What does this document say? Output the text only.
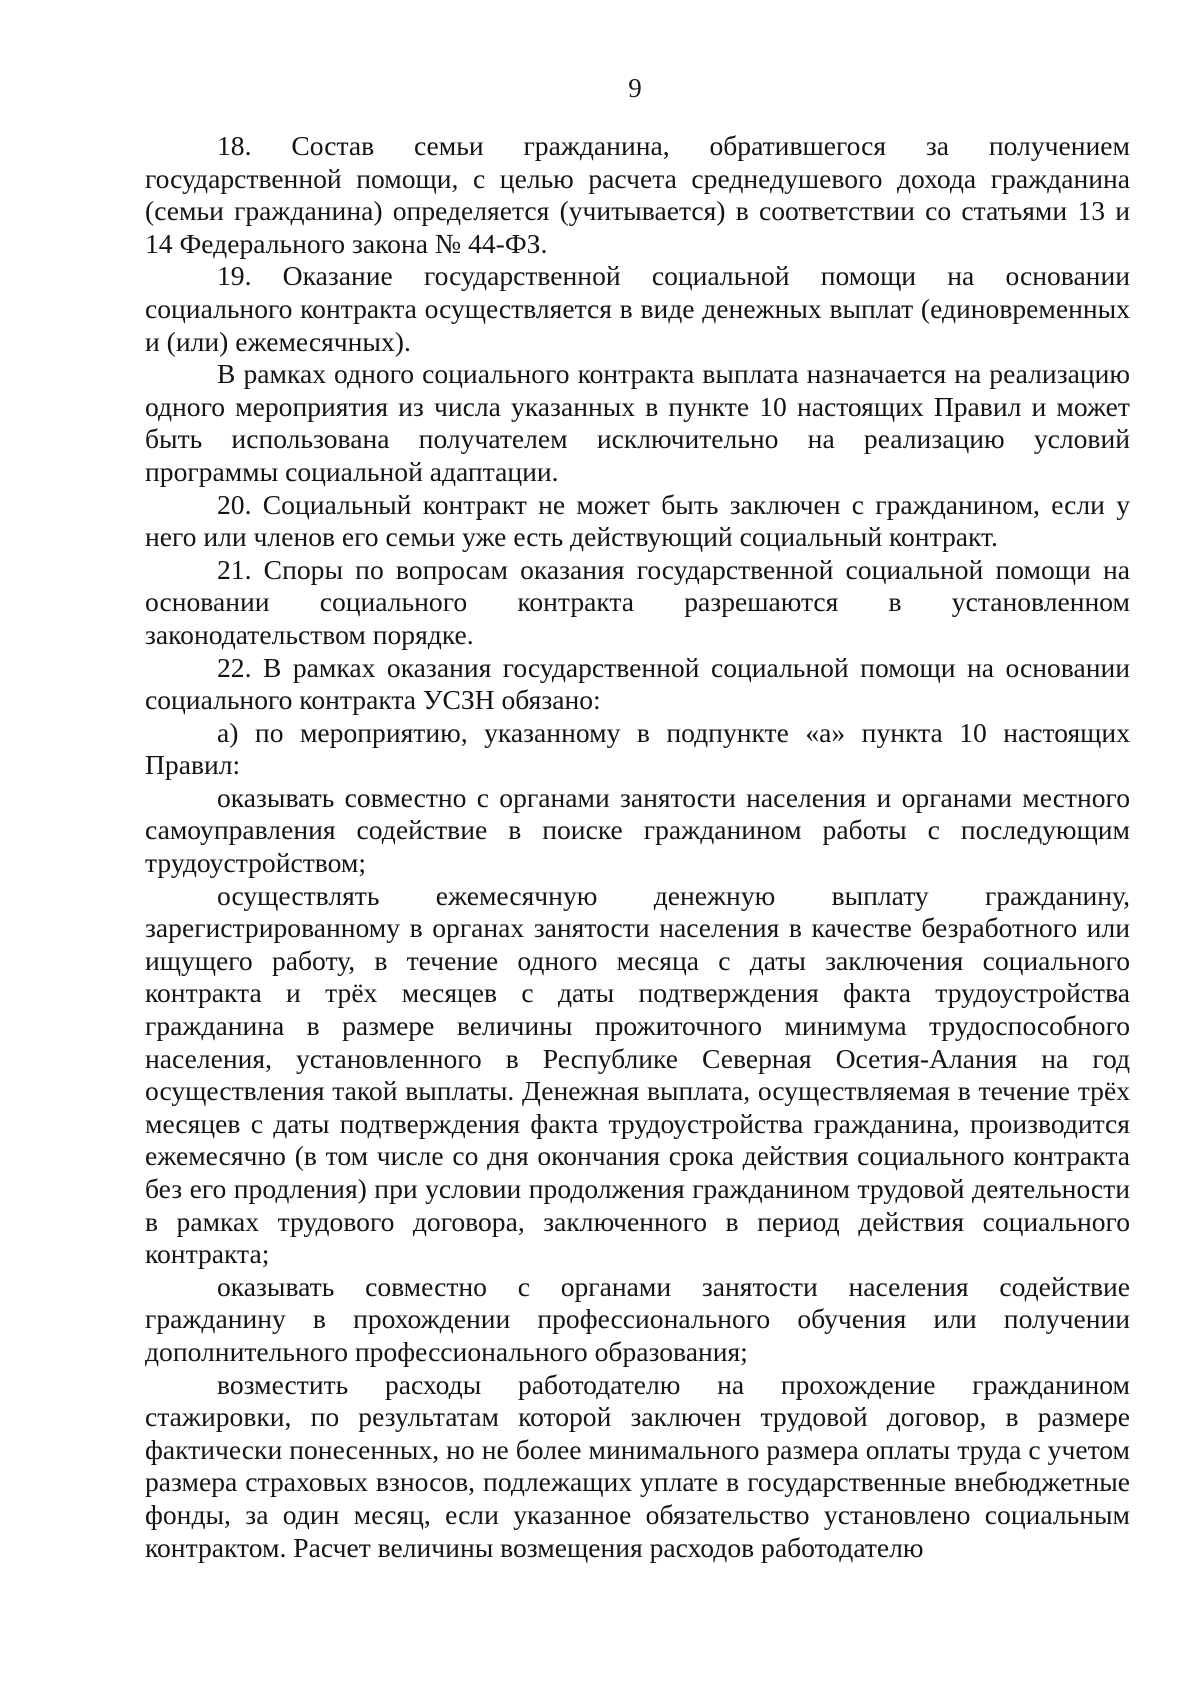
9

18. Состав семьи гражданина, обратившегося за получением государственной помощи, с целью расчета среднедушевого дохода гражданина (семьи гражданина) определяется (учитывается) в соответствии со статьями 13 и 14 Федерального закона № 44-ФЗ.

19. Оказание государственной социальной помощи на основании социального контракта осуществляется в виде денежных выплат (единовременных и (или) ежемесячных).

В рамках одного социального контракта выплата назначается на реализацию одного мероприятия из числа указанных в пункте 10 настоящих Правил и может быть использована получателем исключительно на реализацию условий программы социальной адаптации.

20. Социальный контракт не может быть заключен с гражданином, если у него или членов его семьи уже есть действующий социальный контракт.

21. Споры по вопросам оказания государственной социальной помощи на основании социального контракта разрешаются в установленном законодательством порядке.

22. В рамках оказания государственной социальной помощи на основании социального контракта УСЗН обязано:

а) по мероприятию, указанному в подпункте «а» пункта 10 настоящих Правил:

оказывать совместно с органами занятости населения и органами местного самоуправления содействие в поиске гражданином работы с последующим трудоустройством;

осуществлять ежемесячную денежную выплату гражданину, зарегистрированному в органах занятости населения в качестве безработного или ищущего работу, в течение одного месяца с даты заключения социального контракта и трёх месяцев с даты подтверждения факта трудоустройства гражданина в размере величины прожиточного минимума трудоспособного населения, установленного в Республике Северная Осетия-Алания на год осуществления такой выплаты. Денежная выплата, осуществляемая в течение трёх месяцев с даты подтверждения факта трудоустройства гражданина, производится ежемесячно (в том числе со дня окончания срока действия социального контракта без его продления) при условии продолжения гражданином трудовой деятельности в рамках трудового договора, заключенного в период действия социального контракта;

оказывать совместно с органами занятости населения содействие гражданину в прохождении профессионального обучения или получении дополнительного профессионального образования;

возместить расходы работодателю на прохождение гражданином стажировки, по результатам которой заключен трудовой договор, в размере фактически понесенных, но не более минимального размера оплаты труда с учетом размера страховых взносов, подлежащих уплате в государственные внебюджетные фонды, за один месяц, если указанное обязательство установлено социальным контрактом. Расчет величины возмещения расходов работодателю
